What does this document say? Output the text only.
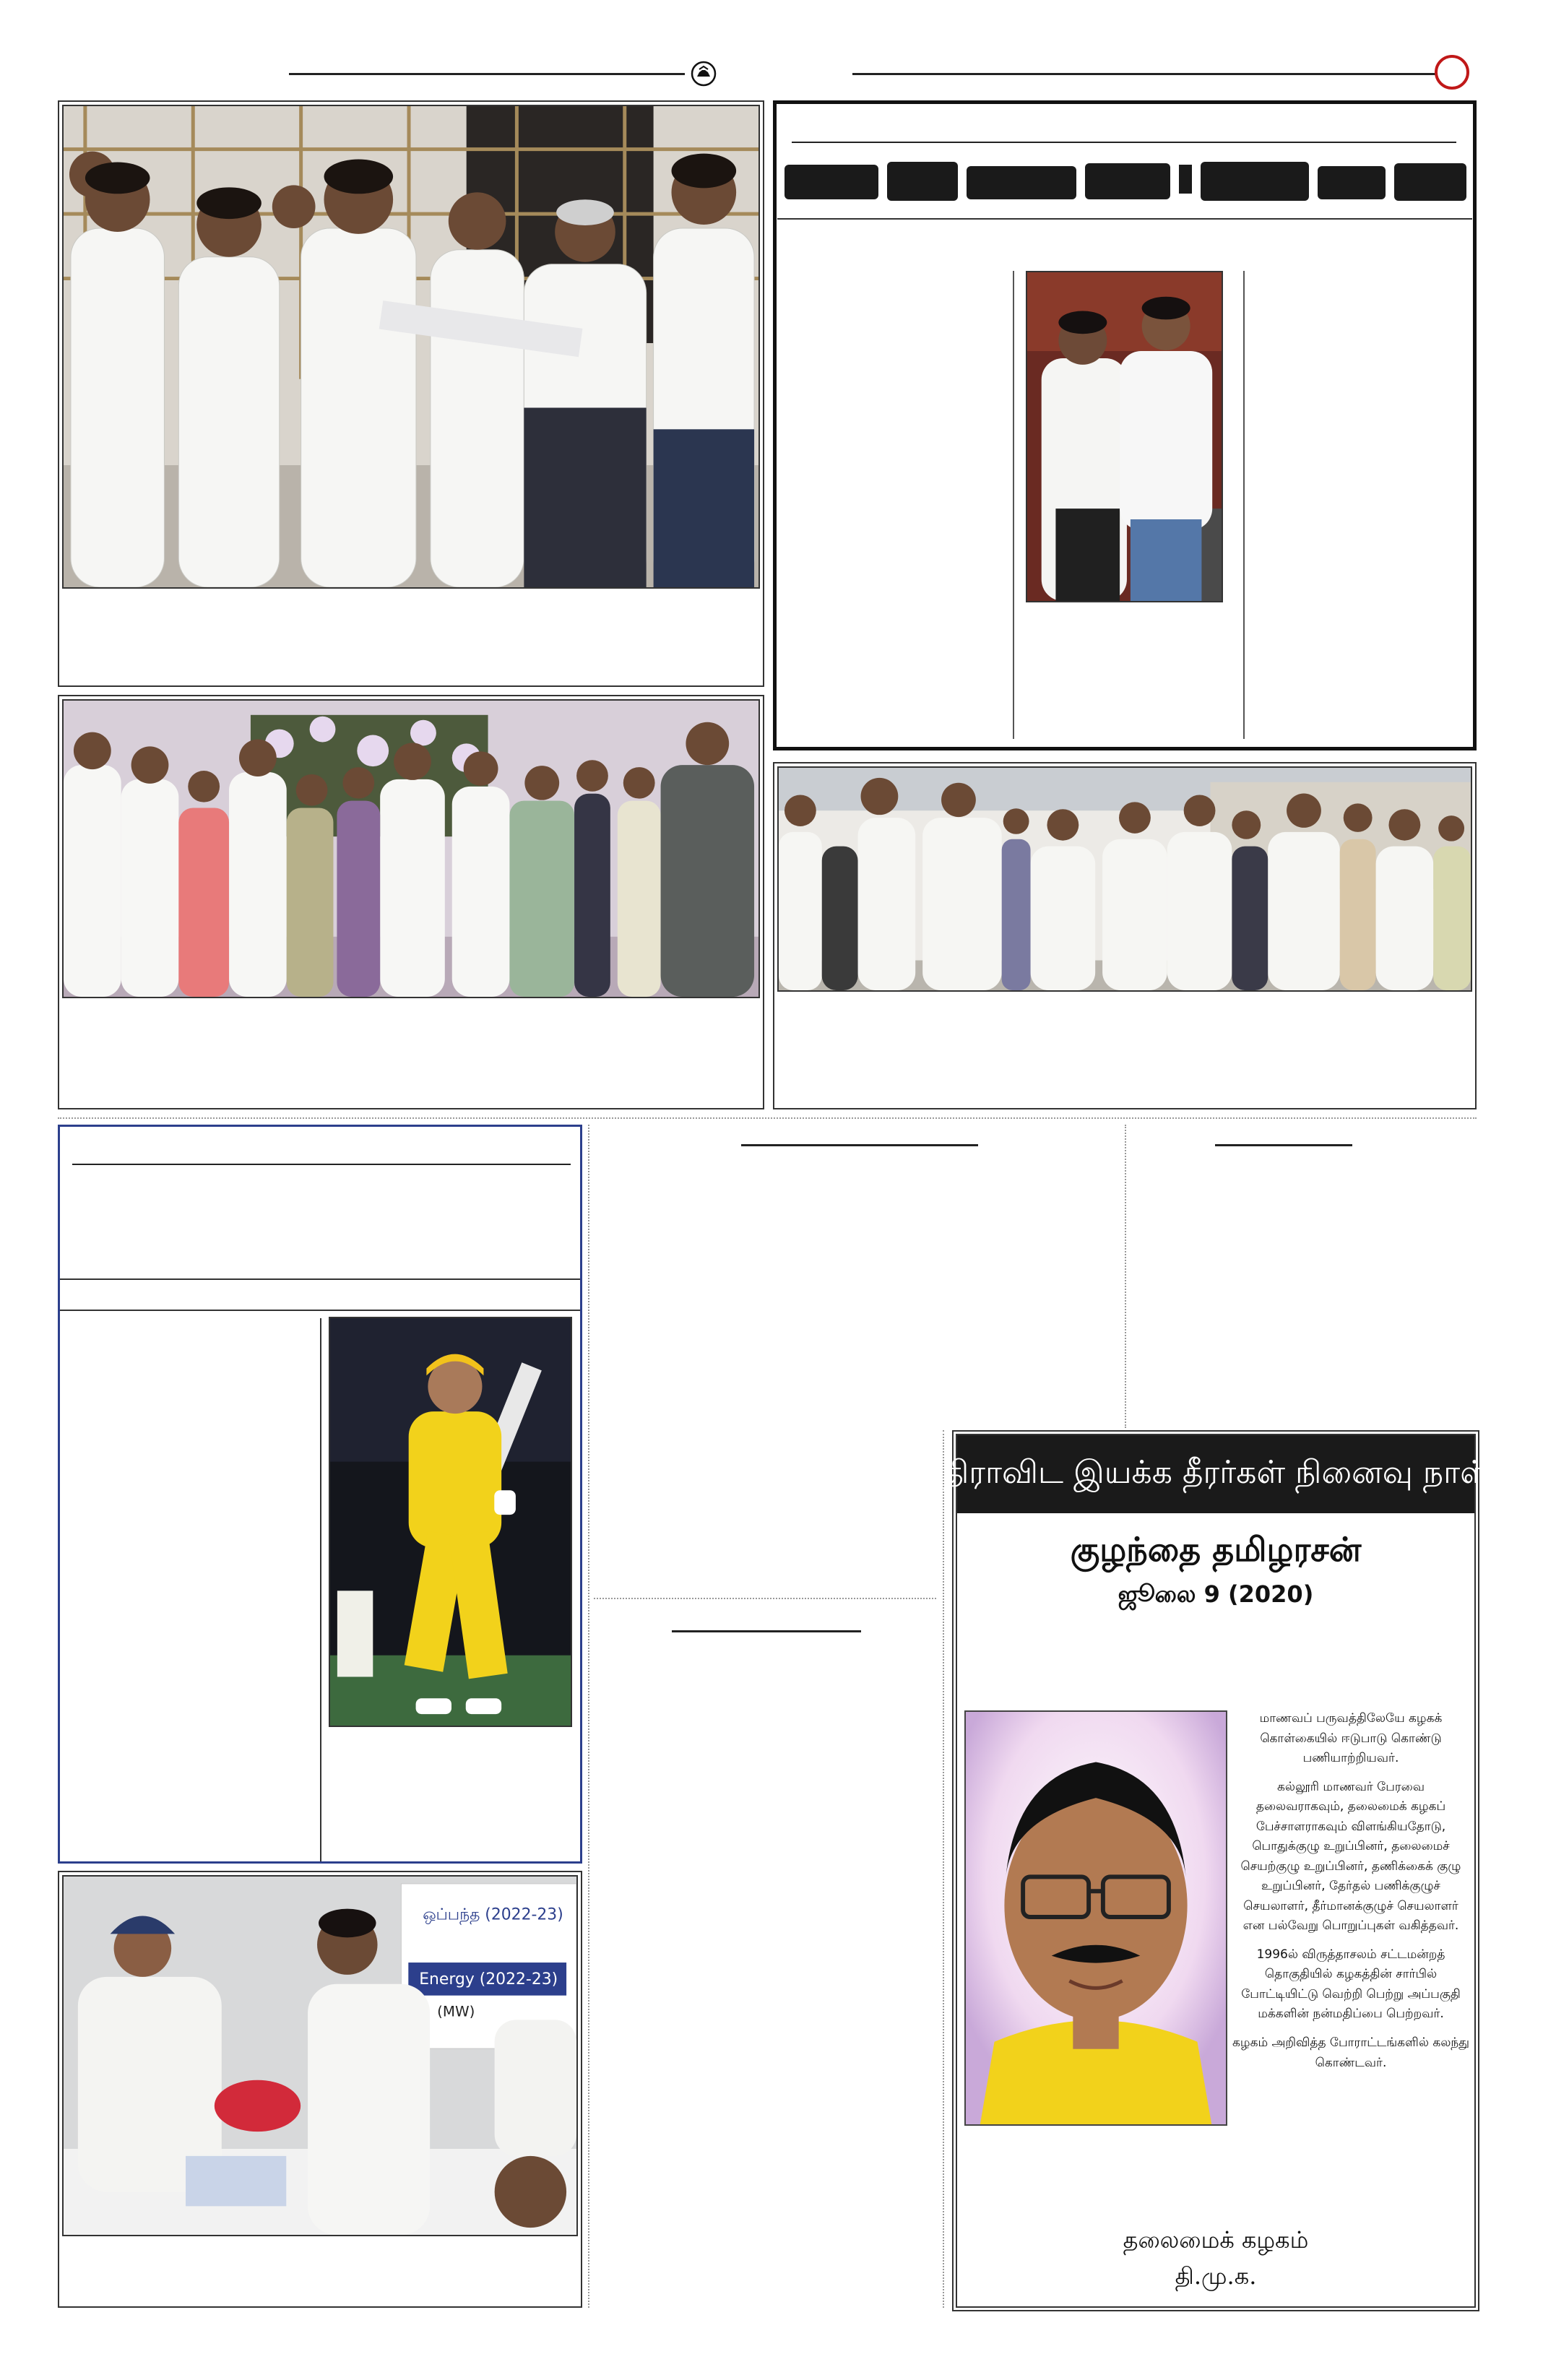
ஒப்பந்த (2022-23)
Energy (2022-23)
(MW)
திராவிட இயக்க தீரர்கள் நினைவு நாள்
குழந்தை தமிழரசன்
ஜூலை 9 (2020)

மாணவப் பருவத்திலேயே கழகக் கொள்கையில் ஈடுபாடு கொண்டு பணியாற்றியவர்.

கல்லூரி மாணவர் பேரவை தலைவராகவும், தலைமைக் கழகப் பேச்சாளராகவும் விளங்கியதோடு, பொதுக்குழு உறுப்பினர், தலைமைச் செயற்குழு உறுப்பினர், தணிக்கைக் குழு உறுப்பினர், தேர்தல் பணிக்குழுச் செயலாளர், தீர்மானக்குழுச் செயலாளர் என பல்வேறு பொறுப்புகள் வகித்தவர்.

1996ல் விருத்தாசலம் சட்டமன்றத் தொகுதியில் கழகத்தின் சார்பில் போட்டியிட்டு வெற்றி பெற்று அப்பகுதி மக்களின் நன்மதிப்பை பெற்றவர்.

கழகம் அறிவித்த போராட்டங்களில் கலந்து கொண்டவர்.

தலைமைக் கழகம்
தி.மு.க.
